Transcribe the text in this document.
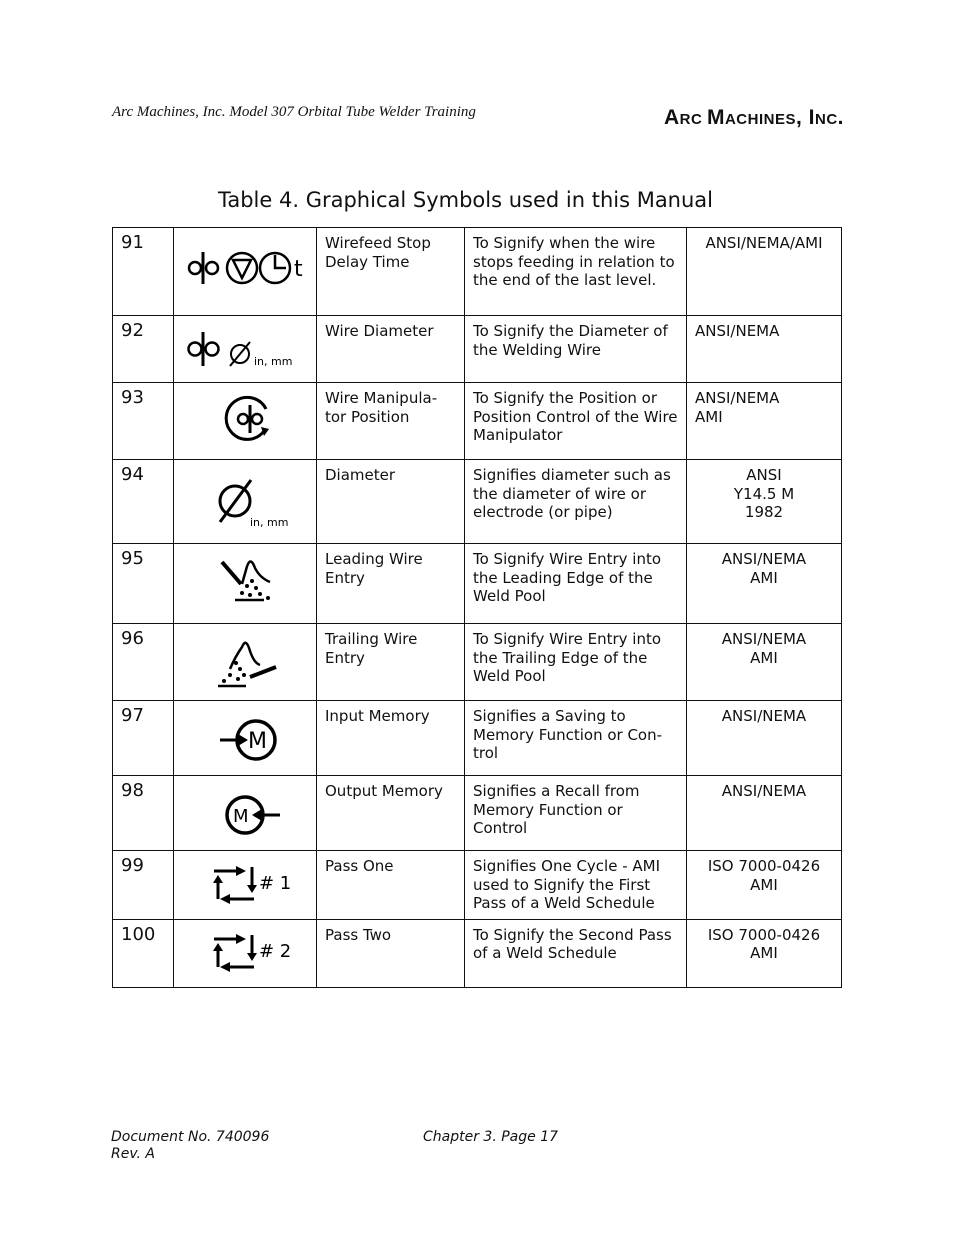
Arc Machines, Inc. Model 307 Orbital Tube Welder Training	ARC MACHINES, INC.
Table 4. Graphical Symbols used in this Manual
91	t	Wirefeed Stop
Delay Time	To Signify when the wire stops feeding in relation to the end of the last level.	ANSI/NEMA/AMI
92	in, mm	Wire Diameter	To Signify the Diameter of the Welding Wire	ANSI/NEMA
93		Wire Manipula-
tor Position	To Signify the Position or Position Control of the Wire Manipulator	ANSI/NEMA
AMI
94	in, mm	Diameter	Signifies diameter such as the diameter of wire or electrode (or pipe)	ANSI
Y14.5 M
1982
95		Leading Wire
Entry	To Signify Wire Entry into the Leading Edge of the Weld Pool	ANSI/NEMA
AMI
96		Trailing Wire
Entry	To Signify Wire Entry into the Trailing Edge of the Weld Pool	ANSI/NEMA
AMI
97	M	Input Memory	Signifies a Saving to Memory Function or Con-
trol	ANSI/NEMA
98	M	Output Memory	Signifies a Recall from Memory Function or Control	ANSI/NEMA
99	# 1	Pass One	Signifies One Cycle - AMI used to Signify the First Pass of a Weld Schedule	ISO 7000-0426
AMI
100	# 2	Pass Two	To Signify the Second Pass of a Weld Schedule	ISO 7000-0426
AMI
Document No. 740096
Rev. A
Chapter 3. Page 17
